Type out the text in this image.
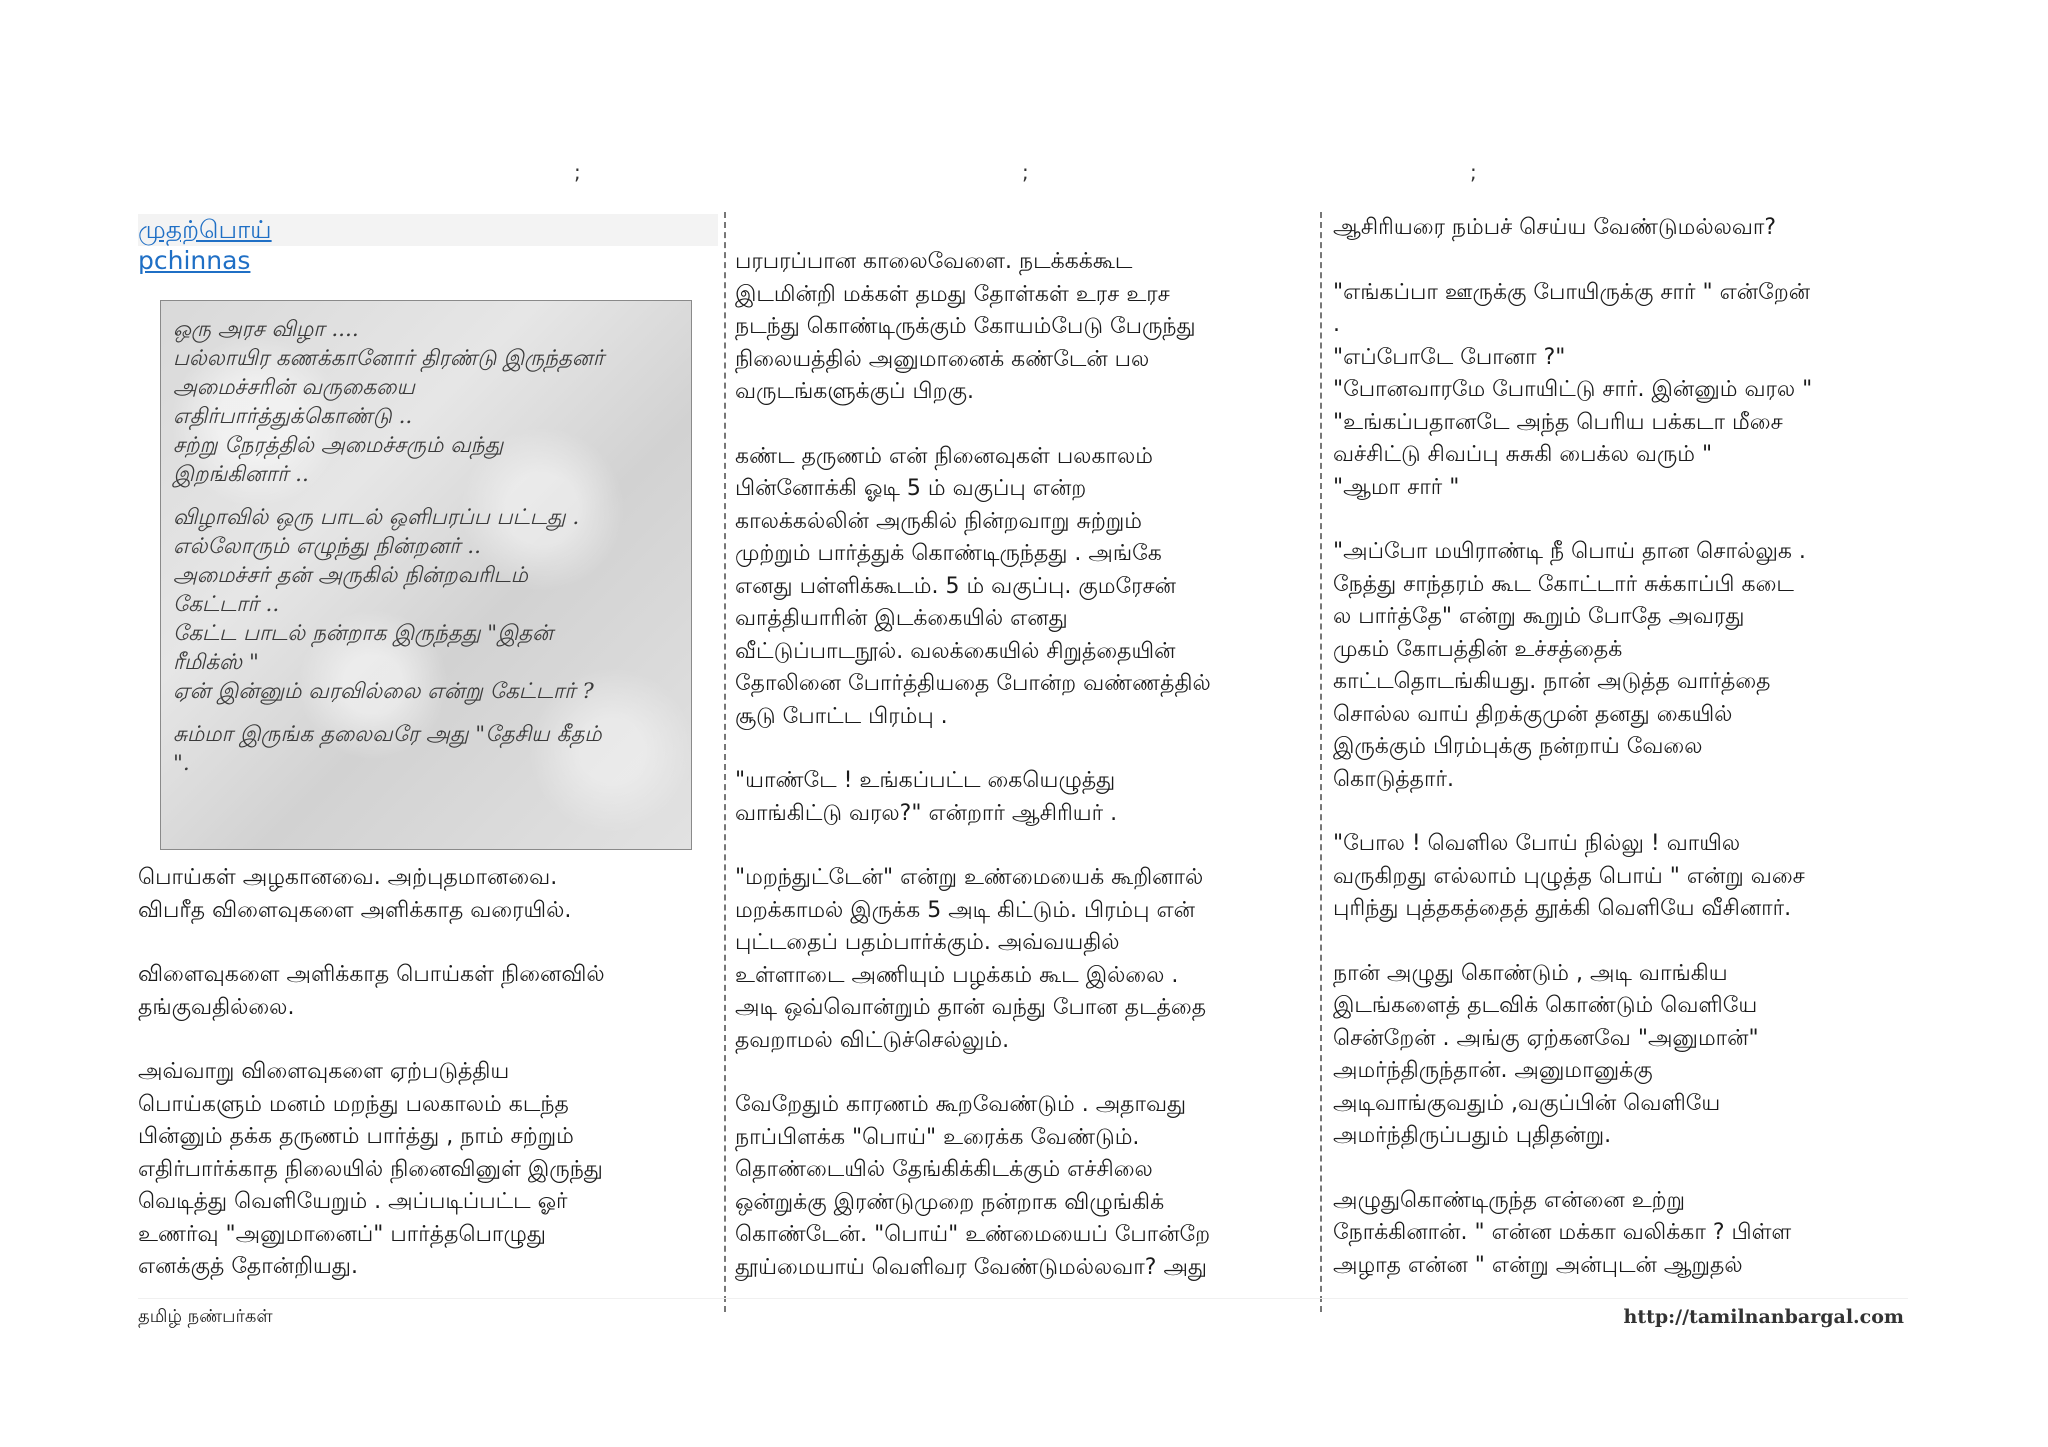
;	;	;
முதற்பொய்
pchinnas

ஒரு அரச விழா ....
பல்லாயிர கணக்கானோர் திரண்டு இருந்தனர்
அமைச்சரின் வருகையை
எதிர்பார்த்துக்கொண்டு ..
சற்று நேரத்தில் அமைச்சரும் வந்து
இறங்கினார் ..

விழாவில் ஒரு பாடல் ஒளிபரப்ப பட்டது .
எல்லோரும் எழுந்து நின்றனர் ..
அமைச்சர் தன் அருகில் நின்றவரிடம்
கேட்டார் ..
கேட்ட பாடல் நன்றாக இருந்தது "இதன்
ரீமிக்ஸ் "
ஏன் இன்னும் வரவில்லை என்று கேட்டார் ?

சும்மா இருங்க தலைவரே அது "தேசிய கீதம்
".

பொய்கள் அழகானவை. அற்புதமானவை.
விபரீத விளைவுகளை அளிக்காத வரையில்.

விளைவுகளை அளிக்காத பொய்கள் நினைவில்
தங்குவதில்லை.

அவ்வாறு விளைவுகளை ஏற்படுத்திய
பொய்களும் மனம் மறந்து பலகாலம் கடந்த
பின்னும் தக்க தருணம் பார்த்து , நாம் சற்றும்
எதிர்பார்க்காத நிலையில் நினைவினுள் இருந்து
வெடித்து வெளியேறும் . அப்படிப்பட்ட ஓர்
உணர்வு "அனுமானைப்" பார்த்தபொழுது
எனக்குத் தோன்றியது.

பரபரப்பான காலைவேளை. நடக்கக்கூட
இடமின்றி மக்கள் தமது தோள்கள் உரச உரச
நடந்து கொண்டிருக்கும் கோயம்பேடு பேருந்து
நிலையத்தில் அனுமானைக் கண்டேன் பல
வருடங்களுக்குப் பிறகு.

கண்ட தருணம் என் நினைவுகள் பலகாலம்
பின்னோக்கி ஓடி 5 ம் வகுப்பு என்ற
காலக்கல்லின் அருகில் நின்றவாறு சுற்றும்
முற்றும் பார்த்துக் கொண்டிருந்தது . அங்கே
எனது பள்ளிக்கூடம். 5 ம் வகுப்பு. குமரேசன்
வாத்தியாரின் இடக்கையில் எனது
வீட்டுப்பாடநூல். வலக்கையில் சிறுத்தையின்
தோலினை போர்த்தியதை போன்ற வண்ணத்தில்
சூடு போட்ட பிரம்பு .

"யாண்டே ! உங்கப்பட்ட கையெழுத்து
வாங்கிட்டு வரல?" என்றார் ஆசிரியர் .

"மறந்துட்டேன்" என்று உண்மையைக் கூறினால்
மறக்காமல் இருக்க 5 அடி கிட்டும். பிரம்பு என்
புட்டதைப் பதம்பார்க்கும். அவ்வயதில்
உள்ளாடை அணியும் பழக்கம் கூட இல்லை .
அடி ஒவ்வொன்றும் தான் வந்து போன தடத்தை
தவறாமல் விட்டுச்செல்லும்.

வேறேதும் காரணம் கூறவேண்டும் . அதாவது
நாப்பிளக்க "பொய்" உரைக்க வேண்டும்.
தொண்டையில் தேங்கிக்கிடக்கும் எச்சிலை
ஒன்றுக்கு இரண்டுமுறை நன்றாக விழுங்கிக்
கொண்டேன். "பொய்" உண்மையைப் போன்றே
தூய்மையாய் வெளிவர வேண்டுமல்லவா? அது

ஆசிரியரை நம்பச் செய்ய வேண்டுமல்லவா?

"எங்கப்பா ஊருக்கு போயிருக்கு சார் " என்றேன்
.

"எப்போடே போனா ?"
"போனவாரமே போயிட்டு சார். இன்னும் வரல "
"உங்கப்பதானடே அந்த பெரிய பக்கடா மீசை
வச்சிட்டு சிவப்பு சுசுகி பைக்ல வரும் "
"ஆமா சார் "

"அப்போ மயிராண்டி நீ பொய் தான சொல்லுக .
நேத்து சாந்தரம் கூட கோட்டார் சுக்காப்பி கடை
ல பார்த்தே" என்று கூறும் போதே அவரது
முகம் கோபத்தின் உச்சத்தைக்
காட்டதொடங்கியது. நான் அடுத்த வார்த்தை
சொல்ல வாய் திறக்குமுன் தனது கையில்
இருக்கும் பிரம்புக்கு நன்றாய் வேலை
கொடுத்தார்.

"போல ! வெளில போய் நில்லு ! வாயில
வருகிறது எல்லாம் புழுத்த பொய் " என்று வசை
புரிந்து புத்தகத்தைத் தூக்கி வெளியே வீசினார்.

நான் அழுது கொண்டும் , அடி வாங்கிய
இடங்களைத் தடவிக் கொண்டும் வெளியே
சென்றேன் . அங்கு ஏற்கனவே "அனுமான்"
அமர்ந்திருந்தான். அனுமானுக்கு
அடிவாங்குவதும் ,வகுப்பின் வெளியே
அமர்ந்திருப்பதும் புதிதன்று.

அழுதுகொண்டிருந்த என்னை உற்று
நோக்கினான். " என்ன மக்கா வலிக்கா ? பிள்ள
அழாத என்ன " என்று அன்புடன் ஆறுதல்

தமிழ் நண்பர்கள்	http://tamilnanbargal.com
